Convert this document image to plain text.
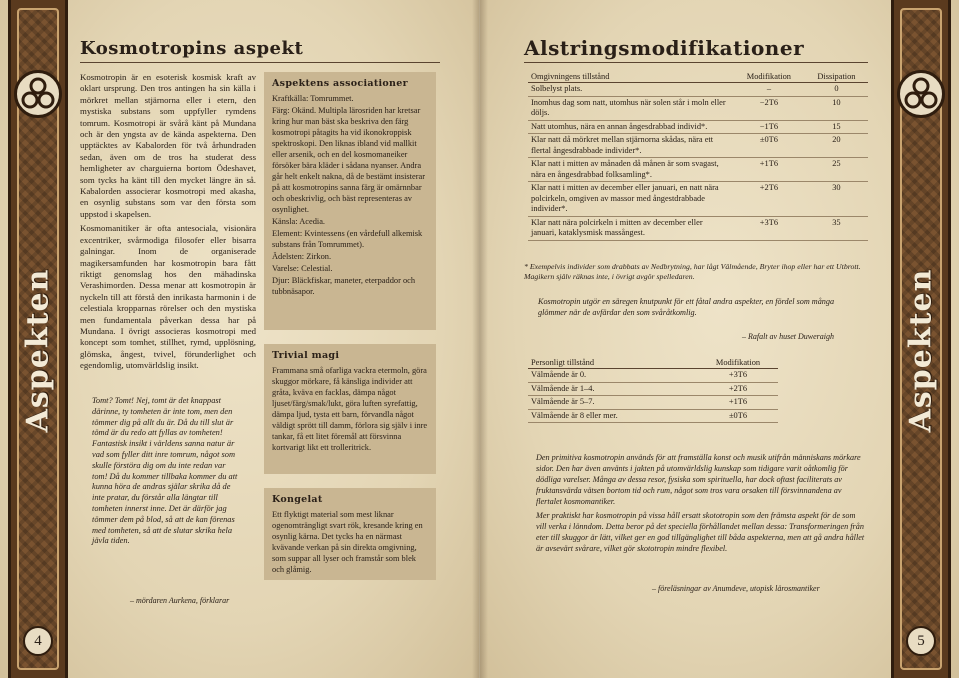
Aspekten
4
Kosmotropins aspekt

Kosmotropin är en esoterisk kosmisk kraft av oklart ursprung. Den tros antingen ha sin källa i mörkret mellan stjärnorna eller i etern, den mystiska substans som uppfyller rymdens tomrum. Kosmotropi är svårå känt på Mundana och är den yngsta av de kända aspekterna. Den upptäcktes av Kabalorden för två århundraden sedan, även om de tros ha studerat dess hemligheter av charguierna bortom Ödeshavet, som tycks ha känt till den mycket längre än så. Kabalorden associerar kosmotropi med akasha, en osynlig substans som var den första som uppstod i skapelsen.

Kosmomanitiker är ofta antesociala, visionära excentriker, svårmodiga filosofer eller bisarra galningar. Inom de organiserade magikersamfunden har kosmotropin bara fått riktigt genomslag hos den mähadinska Verashimorden. Dessa menar att kosmotropin är nyckeln till att förstå den inrikasta harmonin i de celestiala kropparnas rörelser och den mystiska men fundamentala påverkan dessa har på Mundana. I övrigt associeras kosmotropi med koncept som tomhet, stillhet, rymd, upplösning, glömska, ångest, tvivel, förunderlighet och egendomlig, utomvärldslig insikt.

Tomt? Tomt! Nej, tomt är det knappast därinne, ty tomheten är inte tom, men den tömmer dig på allt du är. Då du till slut är tömd är du redo att fyllas av tomheten! Fantastisk insikt i världens sanna natur är vad som fyller ditt inre tomrum, något som skulle förstöra dig om du inte redan var tom! Då du kommer tillbaka kommer du att kunna höra de andras själar skrika då de inte pratar, du förstår alla längtar till tomheten innerst inne. Det är därför jag tömmer dem på blod, så att de kan förenas med tomheten, så att de slutar skrika hela jävla tiden.
– mördaren Aurkena, förklarar
Aspektens associationer
Kraftkälla: Tomrummet.
Färg: Okänd. Multipla lärosriden har kretsar kring hur man bäst ska beskriva den färg kosmotropi påtagits ha vid ikonokroppisk spektroskopi. Den liknas ibland vid mallkit eller arsenik, och en del kosmomaneiker försöker bära kläder i sådana nyanser. Andra går helt enkelt nakna, då de bestämt insisterar på att kosmotropins sanna färg är omärnnbar och obeskrivlig, och bäst representeras av osynlighet.
Känsla: Acedia.
Element: Kvintessens (en vårdefull alkemisk substans från Tomrummet).
Ädelsten: Zirkon.
Varelse: Celestial.
Djur: Bläckfiskar, maneter, eterpaddor och tubbnäsapor.
Trivial magi
Frammana små ofarliga vackra etermoln, göra skuggor mörkare, få känsliga individer att gråta, kväva en facklas, dämpa något ljuset/färg/smak/lukt, göra luften syrefattig, dämpa ljud, tysta ett barn, förvandla något väldigt sprött till damm, förlora sig själv i inre tankar, få ett litet föremål att försvinna kortvarigt likt ett trolleritrick.
Kongelat
Ett flyktigt material som mest liknar ogenomträngligt svart rök, kresande kring en osynlig kärna. Det tycks ha en närmast kvävande verkan på sin direkta omgivning, som suppar all lyser och framstår som blek och glåmig.
Aspekten
5
Alstringsmodifikationer
Omgivningens tillstånd	Modifikation	Dissipation
Solbelyst plats.	–	0
Inomhus dag som natt, utomhus när solen står i moln eller döljs.	−2T6	10
Natt utomhus, nära en annan ångesdrabbad individ*.	−1T6	15
Klar natt då mörkret mellan stjärnorna skådas, nära ett flertal ångesdrabbade individer*.	±0T6	20
Klar natt i mitten av månaden då månen är som svagast, nära en ångesdrabbad folksamling*.	+1T6	25
Klar natt i mitten av december eller januari, en natt nära polcirkeln, omgiven av massor med ångestdrabbade individer*.	+2T6	30
Klar natt nära polcirkeln i mitten av december eller januari, kataklysmisk massångest.	+3T6	35
* Exempelvis individer som drabbats av Nedbrytning, har lågt Välmående, Bryter ihop eller har ett Utbrott. Magikern själv räknas inte, i övrigt avgör spelledaren.
Kosmotropin utgör en säregen knutpunkt för ett fåtal andra aspekter, en fördel som många glömmer när de avfärdar den som svåråtkomlig.
– Rafalt av huset Duweraigh
Personligt tillstånd	Modifikation
Välmående är 0.	+3T6
Välmående är 1–4.	+2T6
Välmående är 5–7.	+1T6
Välmående är 8 eller mer.	±0T6

Den primitiva kosmotropin används för att framställa konst och musik utifrån människans mörkare sidor. Den har även använts i jakten på utomvärldslig kunskap som tidigare varit oåtkomlig för dödliga varelser. Många av dessa resor, fysiska som spirituella, har dock oftast faciliterats av fruktansvärda vätsen bortom tid och rum, något som tros vara orsaken till försvinnandena av flertalet kosmomantiker.

Mer praktiskt har kosmotropin på vissa håll ersatt skototropin som den främsta aspekt för de som vill verka i lönndom. Detta beror på det speciella förhållandet mellan dessa: Transformeringen från eter till skuggor är lätt, vilket ger en god tillgänglighet till båda aspekterna, men att gå andra hållet är avsevärt svårare, vilket gör skototropin mindre flexibel.

– föreläsningar av Anumdeve, utopisk lärosmantiker
